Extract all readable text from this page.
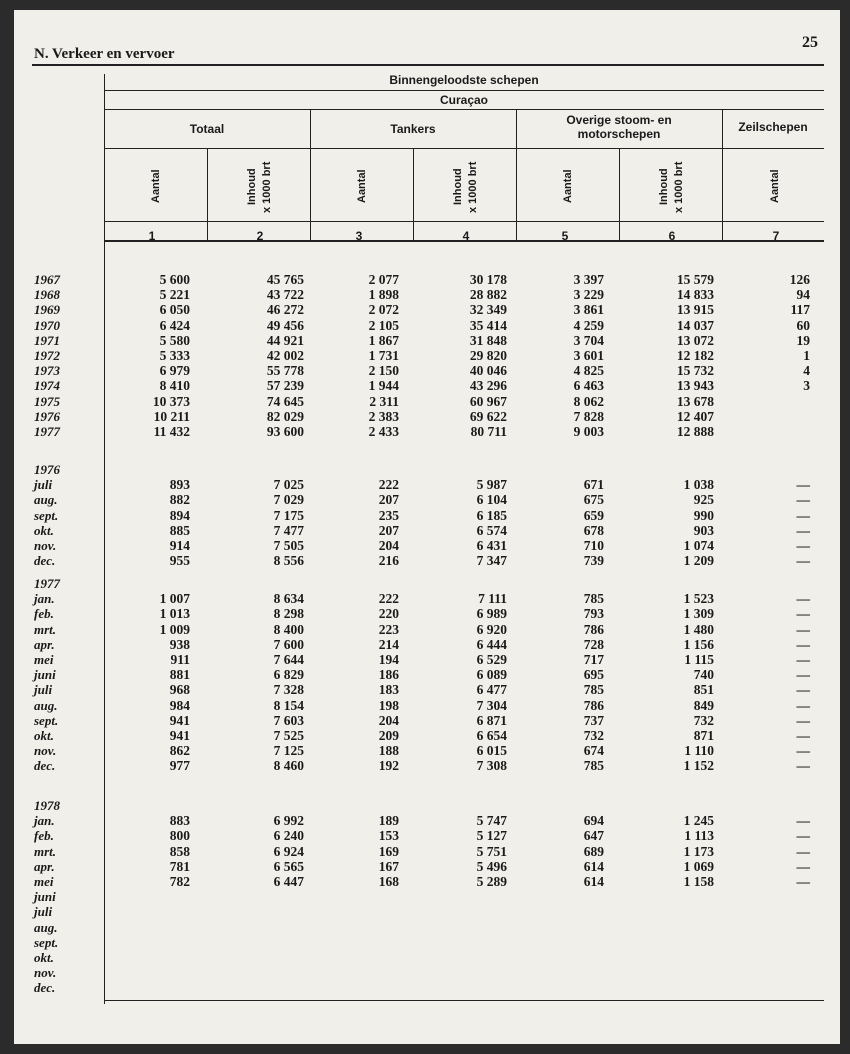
N. Verkeer en vervoer
25
Binnengeloodste schepen
Curaçao
Totaal	Tankers
Overige stoom- en
motorschepen	Zeilschepen
Aantal	Inhoud x 1000 brt	Aantal	Inhoud x 1000 brt	Aantal	Inhoud x 1000 brt	Aantal
1	2	3	4	5	6	7
1967	5 600	45 765	2 077	30 178	3 397	15 579	126
1968	5 221	43 722	1 898	28 882	3 229	14 833	94
1969	6 050	46 272	2 072	32 349	3 861	13 915	117
1970	6 424	49 456	2 105	35 414	4 259	14 037	60
1971	5 580	44 921	1 867	31 848	3 704	13 072	19
1972	5 333	42 002	1 731	29 820	3 601	12 182	1
1973	6 979	55 778	2 150	40 046	4 825	15 732	4
1974	8 410	57 239	1 944	43 296	6 463	13 943	3
1975	10 373	74 645	2 311	60 967	8 062	13 678
1976	10 211	82 029	2 383	69 622	7 828	12 407
1977	11 432	93 600	2 433	80 711	9 003	12 888
1976
juli	893	7 025	222	5 987	671	1 038	—
aug.	882	7 029	207	6 104	675	925	—
sept.	894	7 175	235	6 185	659	990	—
okt.	885	7 477	207	6 574	678	903	—
nov.	914	7 505	204	6 431	710	1 074	—
dec.	955	8 556	216	7 347	739	1 209	—
1977
jan.	1 007	8 634	222	7 111	785	1 523	—
feb.	1 013	8 298	220	6 989	793	1 309	—
mrt.	1 009	8 400	223	6 920	786	1 480	—
apr.	938	7 600	214	6 444	728	1 156	—
mei	911	7 644	194	6 529	717	1 115	—
juni	881	6 829	186	6 089	695	740	—
juli	968	7 328	183	6 477	785	851	—
aug.	984	8 154	198	7 304	786	849	—
sept.	941	7 603	204	6 871	737	732	—
okt.	941	7 525	209	6 654	732	871	—
nov.	862	7 125	188	6 015	674	1 110	—
dec.	977	8 460	192	7 308	785	1 152	—
1978
jan.	883	6 992	189	5 747	694	1 245	—
feb.	800	6 240	153	5 127	647	1 113	—
mrt.	858	6 924	169	5 751	689	1 173	—
apr.	781	6 565	167	5 496	614	1 069	—
mei	782	6 447	168	5 289	614	1 158	—
juni
juli
aug.
sept.
okt.
nov.
dec.
